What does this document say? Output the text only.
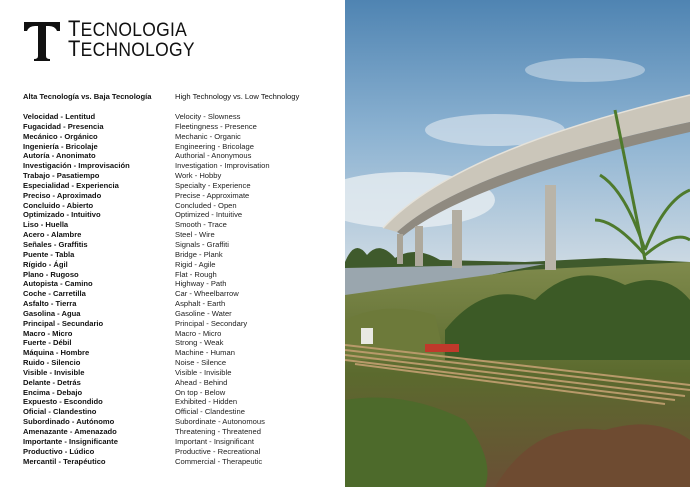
T TECNOLOGIA
TECHNOLOGY
Alta Tecnología vs. Baja Tecnología	High Technology vs. Low Technology
Velocidad - Lentitud
Fugacidad - Presencia
Mecánico - Orgánico
Ingeniería - Bricolaje
Autoría - Anonimato
Investigación - Improvisación
Trabajo - Pasatiempo
Especialidad - Experiencia
Preciso - Aproximado
Concluido - Abierto
Optimizado - Intuitivo
Liso - Huella
Acero - Alambre
Señales - Graffitis
Puente - Tabla
Rígido - Ágil
Plano - Rugoso
Autopista - Camino
Coche - Carretilla
Asfalto - Tierra
Gasolina - Agua
Principal - Secundario
Macro - Micro
Fuerte - Débil
Máquina - Hombre
Ruido - Silencio
Visible - Invisible
Delante - Detrás
Encima - Debajo
Expuesto - Escondido
Oficial - Clandestino
Subordinado - Autónomo
Amenazante - Amenazado
Importante - Insignificante
Productivo - Lúdico
Mercantil - Terapéutico
Velocity - Slowness
Fleetingness - Presence
Mechanic - Organic
Engineering - Bricolage
Authorial - Anonymous
Investigation - Improvisation
Work - Hobby
Specialty - Experience
Precise - Approximate
Concluded - Open
Optimized - Intuitive
Smooth - Trace
Steel - Wire
Signals - Graffiti
Bridge - Plank
Rigid - Agile
Flat - Rough
Highway - Path
Car - Wheelbarrow
Asphalt - Earth
Gasoline - Water
Principal - Secondary
Macro - Micro
Strong - Weak
Machine - Human
Noise - Silence
Visible - Invisible
Ahead - Behind
On top - Below
Exhibited - Hidden
Official - Clandestine
Subordinate - Autonomous
Threatening - Threatened
Important - Insignificant
Productive - Recreational
Commercial - Therapeutic
